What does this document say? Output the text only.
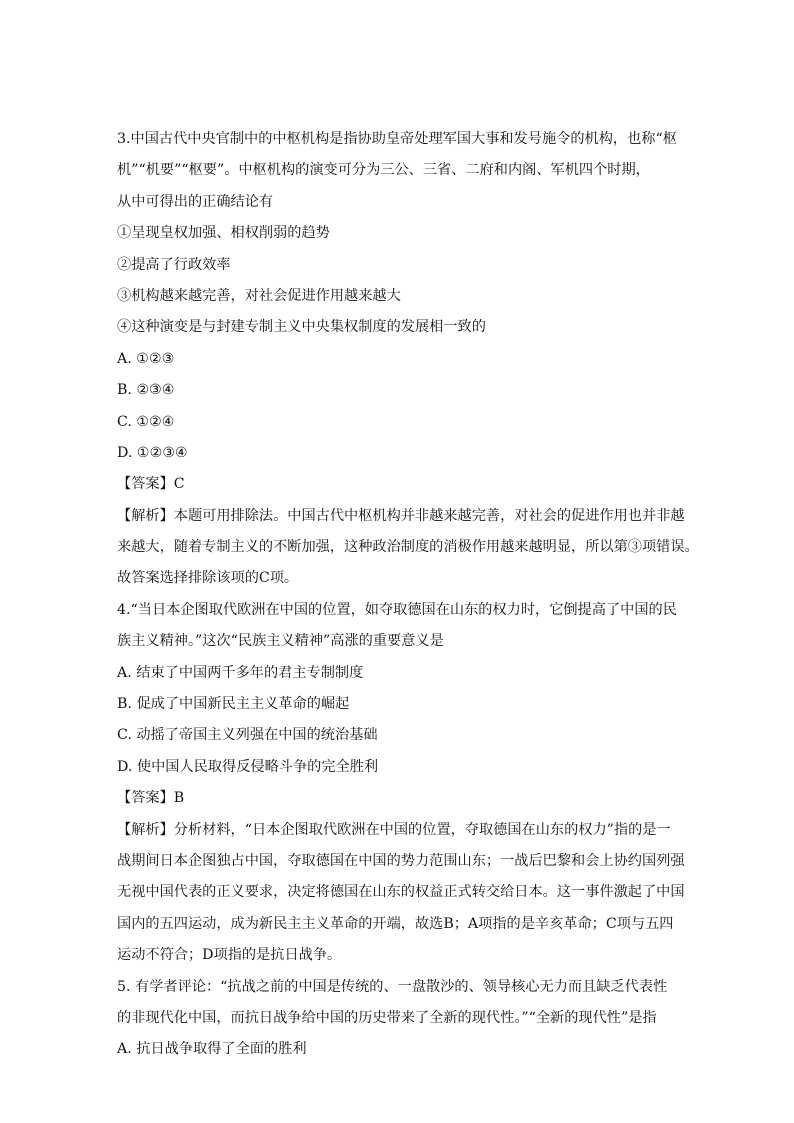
3.中国古代中央官制中的中枢机构是指协助皇帝处理军国大事和发号施令的机构，也称“枢
机”“机要”“枢要”。中枢机构的演变可分为三公、三省、二府和内阁、军机四个时期，
从中可得出的正确结论有
①呈现皇权加强、相权削弱的趋势
②提高了行政效率
③机构越来越完善，对社会促进作用越来越大
④这种演变是与封建专制主义中央集权制度的发展相一致的
A. ①②③
B. ②③④
C. ①②④
D. ①②③④
【答案】C
【解析】本题可用排除法。中国古代中枢机构并非越来越完善，对社会的促进作用也并非越
来越大，随着专制主义的不断加强，这种政治制度的消极作用越来越明显，所以第③项错误。
故答案选择排除该项的C项。
4.“当日本企图取代欧洲在中国的位置，如夺取德国在山东的权力时，它倒提高了中国的民
族主义精神。”这次“民族主义精神”高涨的重要意义是
A. 结束了中国两千多年的君主专制制度
B. 促成了中国新民主主义革命的崛起
C. 动摇了帝国主义列强在中国的统治基础
D. 使中国人民取得反侵略斗争的完全胜利
【答案】B
【解析】分析材料，“日本企图取代欧洲在中国的位置，夺取德国在山东的权力”指的是一
战期间日本企图独占中国，夺取德国在中国的势力范围山东；一战后巴黎和会上协约国列强
无视中国代表的正义要求，决定将德国在山东的权益正式转交给日本。这一事件激起了中国
国内的五四运动，成为新民主主义革命的开端，故选B；A项指的是辛亥革命；C项与五四
运动不符合；D项指的是抗日战争。
5. 有学者评论：“抗战之前的中国是传统的、一盘散沙的、领导核心无力而且缺乏代表性
的非现代化中国，而抗日战争给中国的历史带来了全新的现代性。”“全新的现代性”是指
A. 抗日战争取得了全面的胜利
